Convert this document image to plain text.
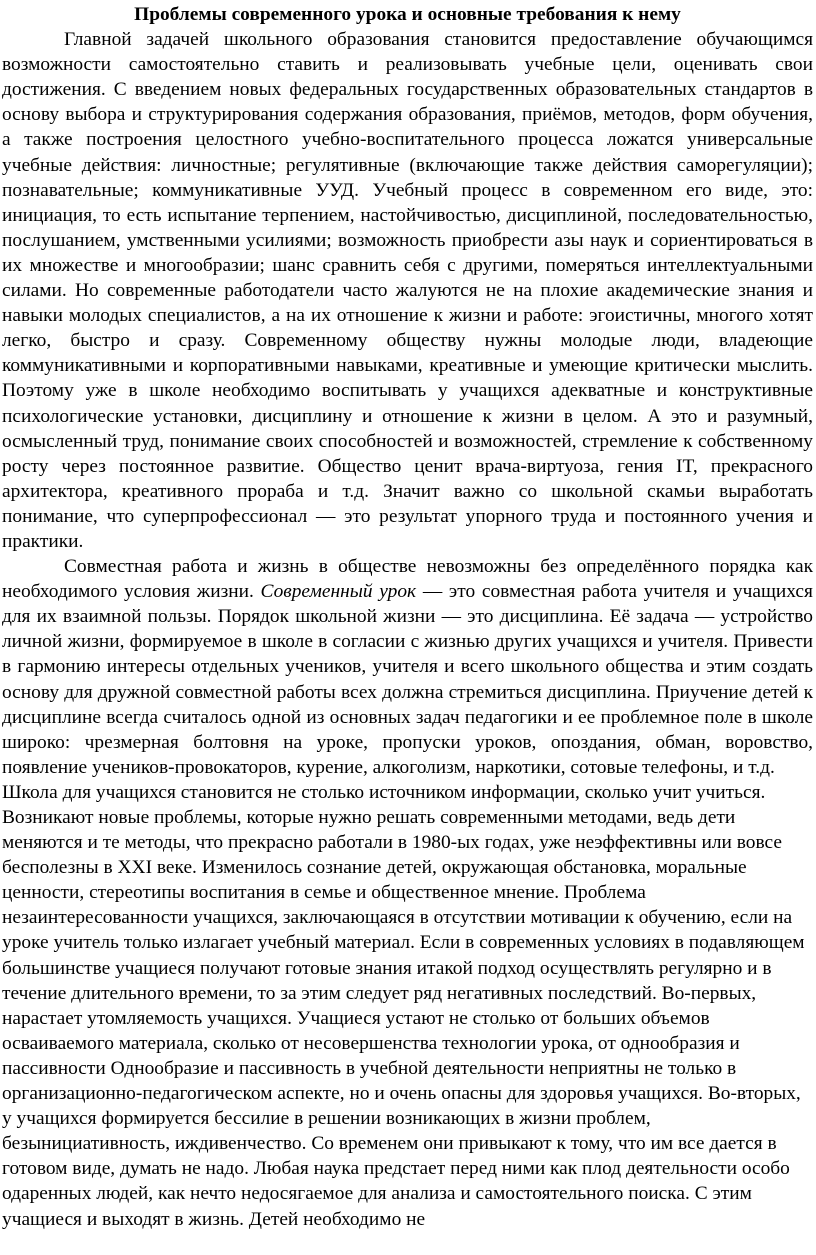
Проблемы современного урока и основные требования к нему

Главной задачей школьного образования становится предоставление обучающимся возможности самостоятельно ставить и реализовывать учебные цели, оценивать свои достижения. С введением новых федеральных государственных образовательных стандартов в основу выбора и структурирования содержания образования, приёмов, методов, форм обучения, а также построения целостного учебно-воспитательного процесса ложатся универсальные учебные действия: личностные; регулятивные (включающие также действия саморегуляции); познавательные; коммуникативные УУД. Учебный процесс в современном его виде, это: инициация, то есть испытание терпением, настойчивостью, дисциплиной, последовательностью, послушанием, умственными усилиями; возможность приобрести азы наук и сориентироваться в их множестве и многообразии; шанс сравнить себя с другими, померяться интеллектуальными силами. Но современные работодатели часто жалуются не на плохие академические знания и навыки молодых специалистов, а на их отношение к жизни и работе: эгоистичны, многого хотят легко, быстро и сразу. Современному обществу нужны молодые люди, владеющие коммуникативными и корпоративными навыками, креативные и умеющие критически мыслить. Поэтому уже в школе необходимо воспитывать у учащихся адекватные и конструктивные психологические установки, дисциплину и отношение к жизни в целом. А это и разумный, осмысленный труд, понимание своих способностей и возможностей, стремление к собственному росту через постоянное развитие. Общество ценит врача-виртуоза, гения IT, прекрасного архитектора, креативного прораба и т.д. Значит важно со школьной скамьи выработать понимание, что суперпрофессионал — это результат упорного труда и постоянного учения и практики.

Совместная работа и жизнь в обществе невозможны без определённого порядка как необходимого условия жизни. Современный урок — это совместная работа учителя и учащихся для их взаимной пользы. Порядок школьной жизни — это дисциплина. Её задача — устройство личной жизни, формируемое в школе в согласии с жизнью других учащихся и учителя. Привести в гармонию интересы отдельных учеников, учителя и всего школьного общества и этим создать основу для дружной совместной работы всех должна стремиться дисциплина. Приучение детей к дисциплине всегда считалось одной из основных задач педагогики и ее проблемное поле в школе широко: чрезмерная болтовня на уроке, пропуски уроков, опоздания, обман, воровство, появление учеников-провокаторов, курение, алкоголизм, наркотики, сотовые телефоны, и т.д.

Школа для учащихся становится не столько источником информации, сколько учит учиться. Возникают новые проблемы, которые нужно решать современными методами, ведь дети меняются и те методы, что прекрасно работали в 1980-ых годах, уже неэффективны или вовсе бесполезны в XXI веке. Изменилось сознание детей, окружающая обстановка, моральные ценности, стереотипы воспитания в семье и общественное мнение. Проблема незаинтересованности учащихся, заключающаяся в отсутствии мотивации к обучению, если на уроке учитель только излагает учебный материал. Если в современных условиях в подавляющем большинстве учащиеся получают готовые знания итакой подход осуществлять регулярно и в течение длительного времени, то за этим следует ряд негативных последствий. Во-первых, нарастает утомляемость учащихся. Учащиеся устают не столько от больших объемов осваиваемого материала, сколько от несовершенства технологии урока, от однообразия и пассивности Однообразие и пассивность в учебной деятельности неприятны не только в организационно-педагогическом аспекте, но и очень опасны для здоровья учащихся. Во-вторых, у учащихся формируется бессилие в решении возникающих в жизни проблем, безынициативность, иждивенчество. Со временем они привыкают к тому, что им все дается в готовом виде, думать не надо. Любая наука предстает перед ними как плод деятельности особо одаренных людей, как нечто недосягаемое для анализа и самостоятельного поиска. С этим учащиеся и выходят в жизнь. Детей необходимо не
